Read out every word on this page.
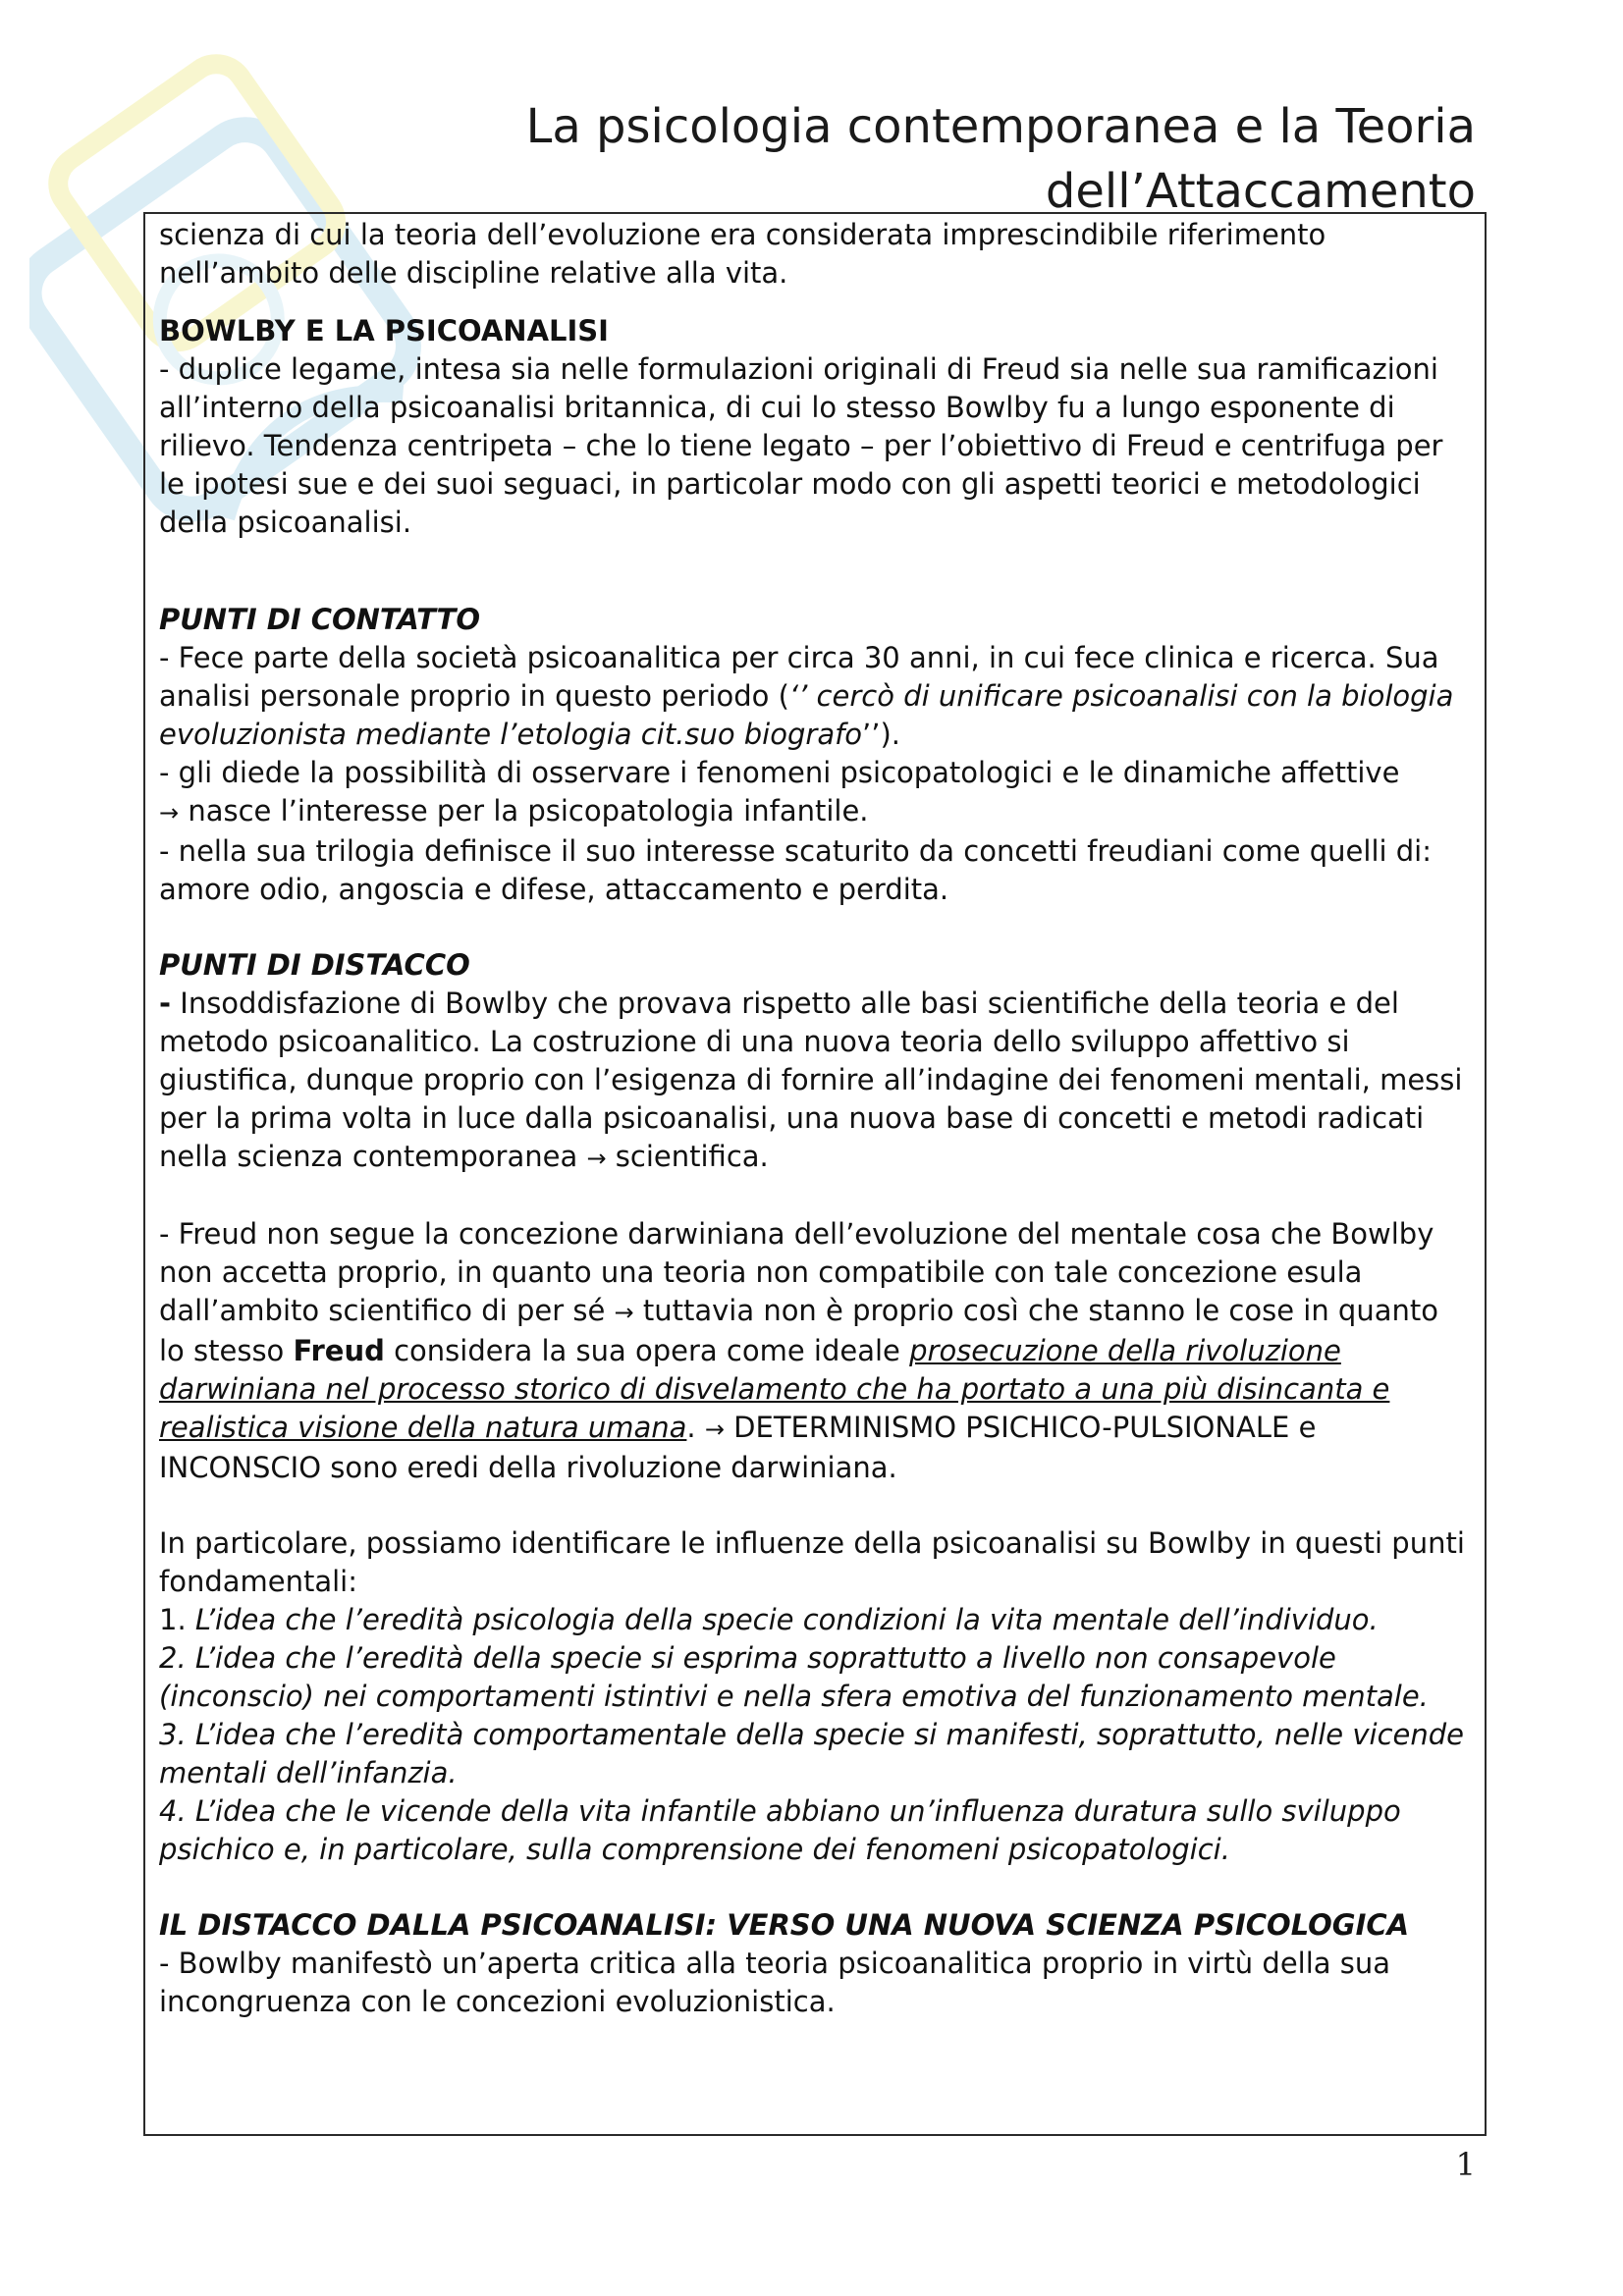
La psicologia contemporanea e la Teoria
dell’Attaccamento

scienza di cui la teoria dell’evoluzione era considerata imprescindibile riferimento nell’ambito delle discipline relative alla vita.

BOWLBY E LA PSICOANALISI

- duplice legame, intesa sia nelle formulazioni originali di Freud sia nelle sua ramificazioni all’interno della psicoanalisi britannica, di cui lo stesso Bowlby fu a lungo esponente di rilievo. Tendenza centripeta – che lo tiene legato – per l’obiettivo di Freud e centrifuga per le ipotesi sue e dei suoi seguaci, in particolar modo con gli aspetti teorici e metodologici della psicoanalisi.

PUNTI DI CONTATTO

- Fece parte della società psicoanalitica per circa 30 anni, in cui fece clinica e ricerca. Sua analisi personale proprio in questo periodo (‘’ cercò di unificare psicoanalisi con la biologia evoluzionista mediante l’etologia cit.suo biografo’’).

- gli diede la possibilità di osservare i fenomeni psicopatologici e le dinamiche affettive
→ nasce l’interesse per la psicopatologia infantile.

- nella sua trilogia definisce il suo interesse scaturito da concetti freudiani come quelli di: amore odio, angoscia e difese, attaccamento e perdita.

PUNTI DI DISTACCO

- Insoddisfazione di Bowlby che provava rispetto alle basi scientifiche della teoria e del metodo psicoanalitico. La costruzione di una nuova teoria dello sviluppo affettivo si giustifica, dunque proprio con l’esigenza di fornire all’indagine dei fenomeni mentali, messi per la prima volta in luce dalla psicoanalisi, una nuova base di concetti e metodi radicati nella scienza contemporanea → scientifica.

- Freud non segue la concezione darwiniana dell’evoluzione del mentale cosa che Bowlby non accetta proprio, in quanto una teoria non compatibile con tale concezione esula dall’ambito scientifico di per sé → tuttavia non è proprio così che stanno le cose in quanto lo stesso Freud considera la sua opera come ideale prosecuzione della rivoluzione darwiniana nel processo storico di disvelamento che ha portato a una più disincanta e realistica visione della natura umana. → DETERMINISMO PSICHICO-PULSIONALE e INCONSCIO sono eredi della rivoluzione darwiniana.

In particolare, possiamo identificare le influenze della psicoanalisi su Bowlby in questi punti fondamentali:

1. L’idea che l’eredità psicologia della specie condizioni la vita mentale dell’individuo.

2. L’idea che l’eredità della specie si esprima soprattutto a livello non consapevole (inconscio) nei comportamenti istintivi e nella sfera emotiva del funzionamento mentale.

3. L’idea che l’eredità comportamentale della specie si manifesti, soprattutto, nelle vicende mentali dell’infanzia.

4. L’idea che le vicende della vita infantile abbiano un’influenza duratura sullo sviluppo psichico e, in particolare, sulla comprensione dei fenomeni psicopatologici.

IL DISTACCO DALLA PSICOANALISI: VERSO UNA NUOVA SCIENZA PSICOLOGICA

- Bowlby manifestò un’aperta critica alla teoria psicoanalitica proprio in virtù della sua incongruenza con le concezioni evoluzionistica.

1
